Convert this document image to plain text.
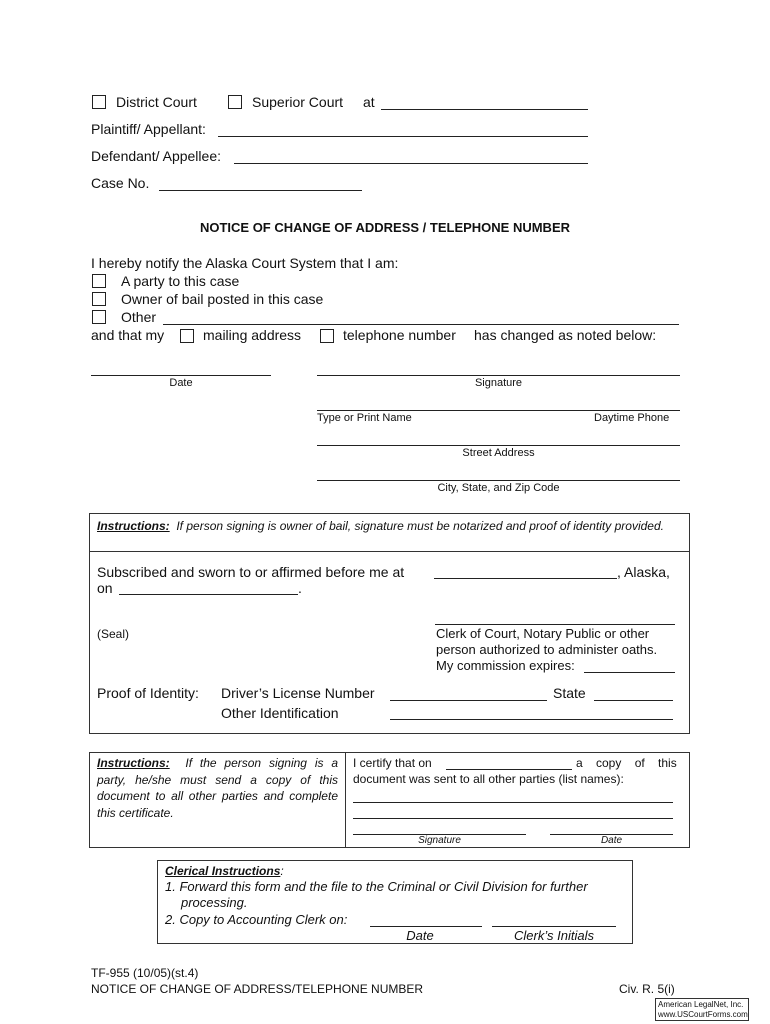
District Court	Superior Court at
Plaintiff/ Appellant:
Defendant/ Appellee:
Case No.
NOTICE OF CHANGE OF ADDRESS / TELEPHONE NUMBER
I hereby notify the Alaska Court System that I am:
A party to this case
Owner of bail posted in this case
Other
and that my	mailing address	telephone number has changed as noted below:
Date	Signature
Type or Print Name	Daytime Phone
Street Address
City, State, and Zip Code
Instructions: If person signing is owner of bail, signature must be notarized and proof of identity provided.
Subscribed and sworn to or affirmed before me at	, Alaska,
on	.
(Seal)	Clerk of Court, Notary Public or other
person authorized to administer oaths.
My commission expires:
Proof of Identity: Driver’s License Number	State
Other Identification
Instructions: If the person signing is a party, he/she must send a copy of this document to all other parties and complete this certificate.
I certify that on	a copy of this
document was sent to all other parties (list names):
Signature	Date
Clerical Instructions:
1. Forward this form and the file to the Criminal or Civil Division for further
processing.
2. Copy to Accounting Clerk on:
Date	Clerk’s Initials
TF-955 (10/05)(st.4)
NOTICE OF CHANGE OF ADDRESS/TELEPHONE NUMBER	Civ. R. 5(i)
American LegalNet, Inc.
www.USCourtForms.com
